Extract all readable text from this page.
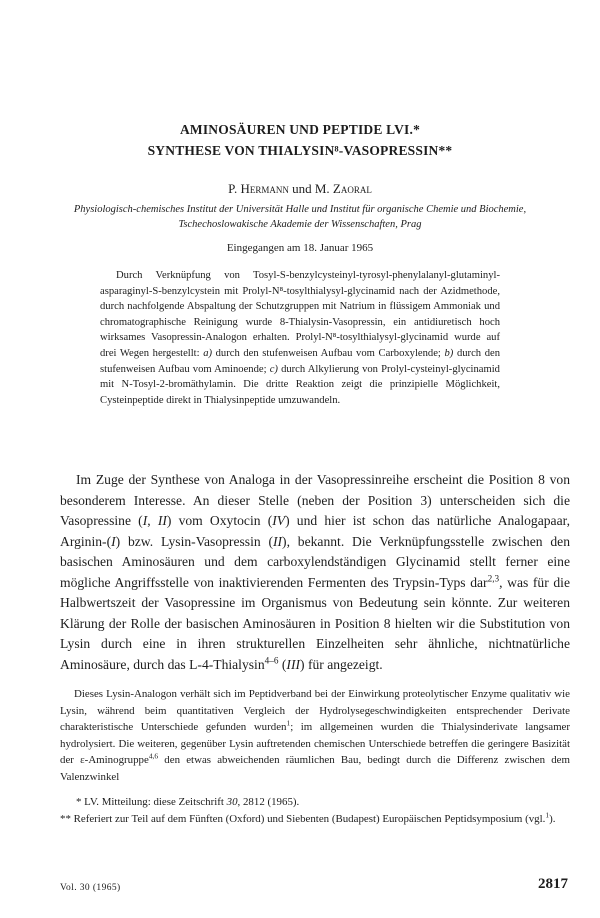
AMINOSÄUREN UND PEPTIDE LVI.*
SYNTHESE VON THIALYSIN⁸-VASOPRESSIN**
P. Hermann und M. Zaoral
Physiologisch-chemisches Institut der Universität Halle und Institut für organische Chemie und Biochemie, Tschechoslowakische Akademie der Wissenschaften, Prag
Eingegangen am 18. Januar 1965

Durch Verknüpfung von Tosyl-S-benzylcysteinyl-tyrosyl-phenylalanyl-glutaminyl-asparaginyl-S-benzylcystein mit Prolyl-N⁸-tosylthialysyl-glycinamid nach der Azidmethode, durch nachfolgende Abspaltung der Schutzgruppen mit Natrium in flüssigem Ammoniak und chromatographische Reinigung wurde 8-Thialysin-Vasopressin, ein antidiuretisch hoch wirksames Vasopressin-Analogon erhalten. Prolyl-N⁸-tosylthialysyl-glycinamid wurde auf drei Wegen hergestellt: a) durch den stufenweisen Aufbau vom Carboxylende; b) durch den stufenweisen Aufbau vom Aminoende; c) durch Alkylierung von Prolyl-cysteinyl-glycinamid mit N-Tosyl-2-bromäthylamin. Die dritte Reaktion zeigt die prinzipielle Möglichkeit, Cysteinpeptide direkt in Thialysinpeptide umzuwandeln.

Im Zuge der Synthese von Analoga in der Vasopressinreihe erscheint die Position 8 von besonderem Interesse. An dieser Stelle (neben der Position 3) unterscheiden sich die Vasopressine (I, II) vom Oxytocin (IV) und hier ist schon das natürliche Analogapaar, Arginin-(I) bzw. Lysin-Vasopressin (II), bekannt. Die Verknüpfungsstelle zwischen den basischen Aminosäuren und dem carboxylendständigen Glycinamid stellt ferner eine mögliche Angriffsstelle von inaktivierenden Fermenten des Trypsin-Typs dar$^{2,3}$, was für die Halbwertszeit der Vasopressine im Organismus von Bedeutung sein könnte. Zur weiteren Klärung der Rolle der basischen Aminosäuren in Position 8 hielten wir die Substitution von Lysin durch eine in ihren strukturellen Einzelheiten sehr ähnliche, nichtnatürliche Aminosäure, durch das L-4-Thialysin$^{4-6}$ (III) für angezeigt.

Dieses Lysin-Analogon verhält sich im Peptidverband bei der Einwirkung proteolytischer Enzyme qualitativ wie Lysin, während beim quantitativen Vergleich der Hydrolysegeschwindigkeiten entsprechender Derivate charakteristische Unterschiede gefunden wurden$^1$; im allgemeinen wurden die Thialysinderivate langsamer hydrolysiert. Die weiteren, gegenüber Lysin auftretenden chemischen Unterschiede betreffen die geringere Basizität der ε-Aminogruppe$^{4,6}$ den etwas abweichenden räumlichen Bau, bedingt durch die Differenz zwischen dem Valenzwinkel

* LV. Mitteilung: diese Zeitschrift 30, 2812 (1965).

** Referiert zur Teil auf dem Fünften (Oxford) und Siebenten (Budapest) Europäischen Peptidsymposium (vgl.$^1$).

Vol. 30 (1965)	2817
